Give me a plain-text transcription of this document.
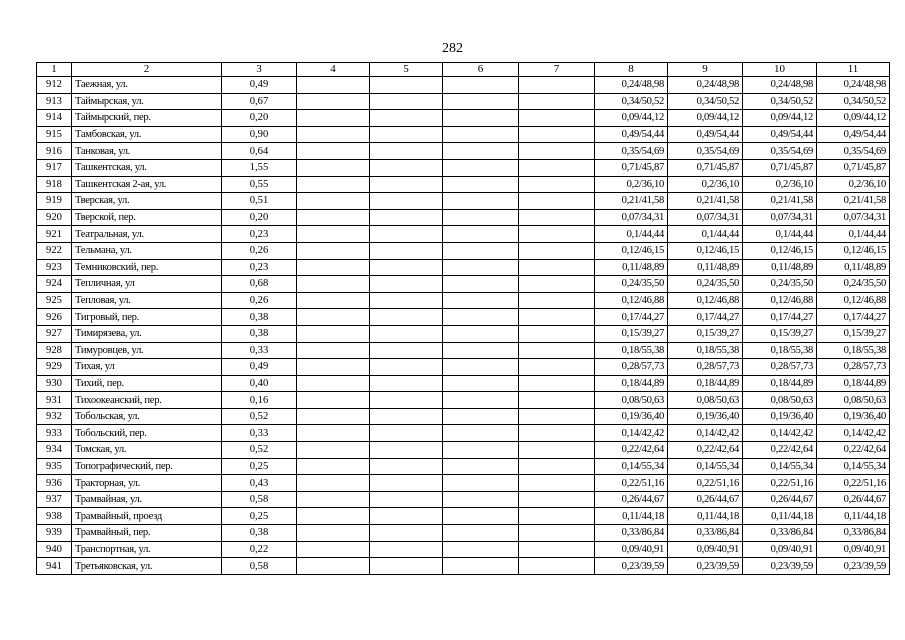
282
1	2	3	4	5	6	7	8	9	10	11
912	Таежная, ул.	0,49					0,24/48,98	0,24/48,98	0,24/48,98	0,24/48,98
913	Таймырская, ул.	0,67					0,34/50,52	0,34/50,52	0,34/50,52	0,34/50,52
914	Таймырский, пер.	0,20					0,09/44,12	0,09/44,12	0,09/44,12	0,09/44,12
915	Тамбовская, ул.	0,90					0,49/54,44	0,49/54,44	0,49/54,44	0,49/54,44
916	Танковая, ул.	0,64					0,35/54,69	0,35/54,69	0,35/54,69	0,35/54,69
917	Ташкентская, ул.	1,55					0,71/45,87	0,71/45,87	0,71/45,87	0,71/45,87
918	Ташкентская 2-ая, ул.	0,55					0,2/36,10	0,2/36,10	0,2/36,10	0,2/36,10
919	Тверская, ул.	0,51					0,21/41,58	0,21/41,58	0,21/41,58	0,21/41,58
920	Тверской, пер.	0,20					0,07/34,31	0,07/34,31	0,07/34,31	0,07/34,31
921	Театральная, ул.	0,23					0,1/44,44	0,1/44,44	0,1/44,44	0,1/44,44
922	Тельмана, ул.	0,26					0,12/46,15	0,12/46,15	0,12/46,15	0,12/46,15
923	Темниковский, пер.	0,23					0,11/48,89	0,11/48,89	0,11/48,89	0,11/48,89
924	Тепличная, ул	0,68					0,24/35,50	0,24/35,50	0,24/35,50	0,24/35,50
925	Тепловая, ул.	0,26					0,12/46,88	0,12/46,88	0,12/46,88	0,12/46,88
926	Тигровый, пер.	0,38					0,17/44,27	0,17/44,27	0,17/44,27	0,17/44,27
927	Тимирязева, ул.	0,38					0,15/39,27	0,15/39,27	0,15/39,27	0,15/39,27
928	Тимуровцев, ул.	0,33					0,18/55,38	0,18/55,38	0,18/55,38	0,18/55,38
929	Тихая, ул	0,49					0,28/57,73	0,28/57,73	0,28/57,73	0,28/57,73
930	Тихий, пер.	0,40					0,18/44,89	0,18/44,89	0,18/44,89	0,18/44,89
931	Тихоокеанский, пер.	0,16					0,08/50,63	0,08/50,63	0,08/50,63	0,08/50,63
932	Тобольская, ул.	0,52					0,19/36,40	0,19/36,40	0,19/36,40	0,19/36,40
933	Тобольский, пер.	0,33					0,14/42,42	0,14/42,42	0,14/42,42	0,14/42,42
934	Томская, ул.	0,52					0,22/42,64	0,22/42,64	0,22/42,64	0,22/42,64
935	Топографический, пер.	0,25					0,14/55,34	0,14/55,34	0,14/55,34	0,14/55,34
936	Тракторная, ул.	0,43					0,22/51,16	0,22/51,16	0,22/51,16	0,22/51,16
937	Трамвайная, ул.	0,58					0,26/44,67	0,26/44,67	0,26/44,67	0,26/44,67
938	Трамвайный, проезд	0,25					0,11/44,18	0,11/44,18	0,11/44,18	0,11/44,18
939	Трамвайный, пер.	0,38					0,33/86,84	0,33/86,84	0,33/86,84	0,33/86,84
940	Транспортная, ул.	0,22					0,09/40,91	0,09/40,91	0,09/40,91	0,09/40,91
941	Третьяковская, ул.	0,58					0,23/39,59	0,23/39,59	0,23/39,59	0,23/39,59
